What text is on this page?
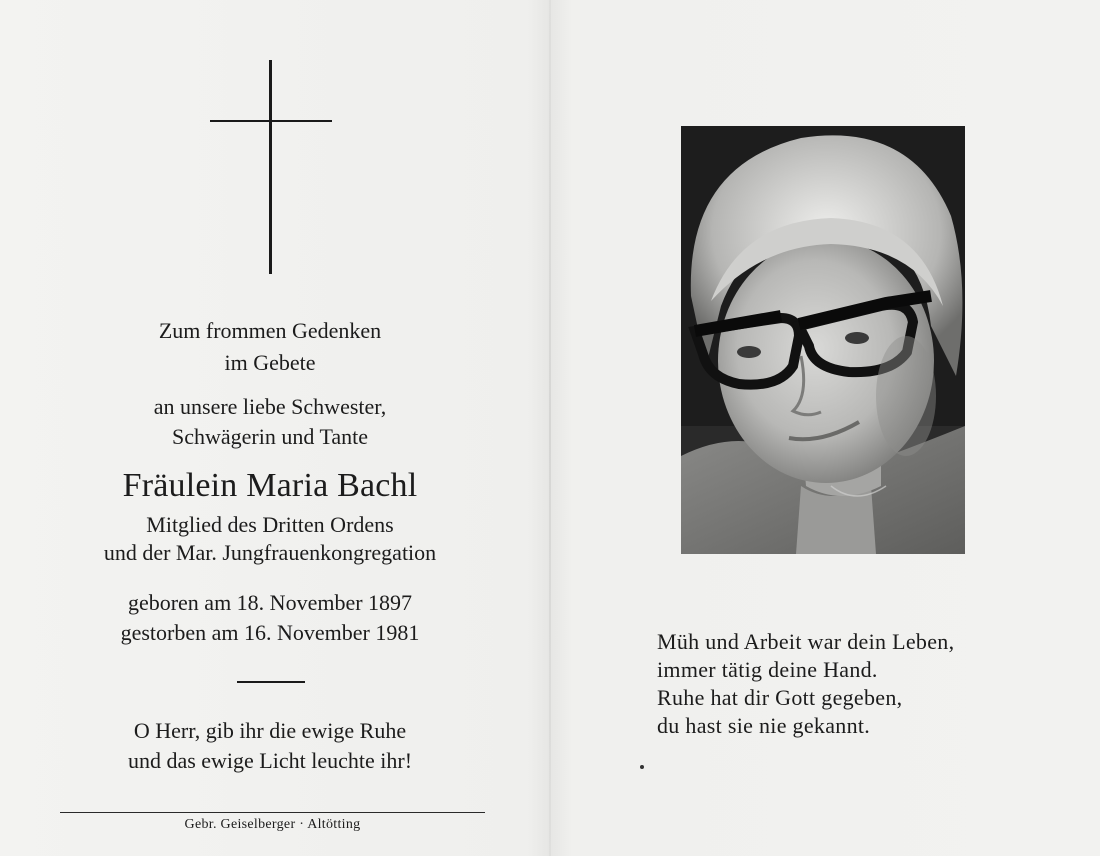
Zum frommen Gedenken

im Gebete

an unsere liebe Schwester,

Schwägerin und Tante

Fräulein Maria Bachl

Mitglied des Dritten Ordens

und der Mar. Jungfrauenkongregation

geboren am 18. November 1897

gestorben am 16. November 1981

O Herr, gib ihr die ewige Ruhe

und das ewige Licht leuchte ihr!

Gebr. Geiselberger · Altötting

Müh und Arbeit war dein Leben,
immer tätig deine Hand.
Ruhe hat dir Gott gegeben,
du hast sie nie gekannt.
